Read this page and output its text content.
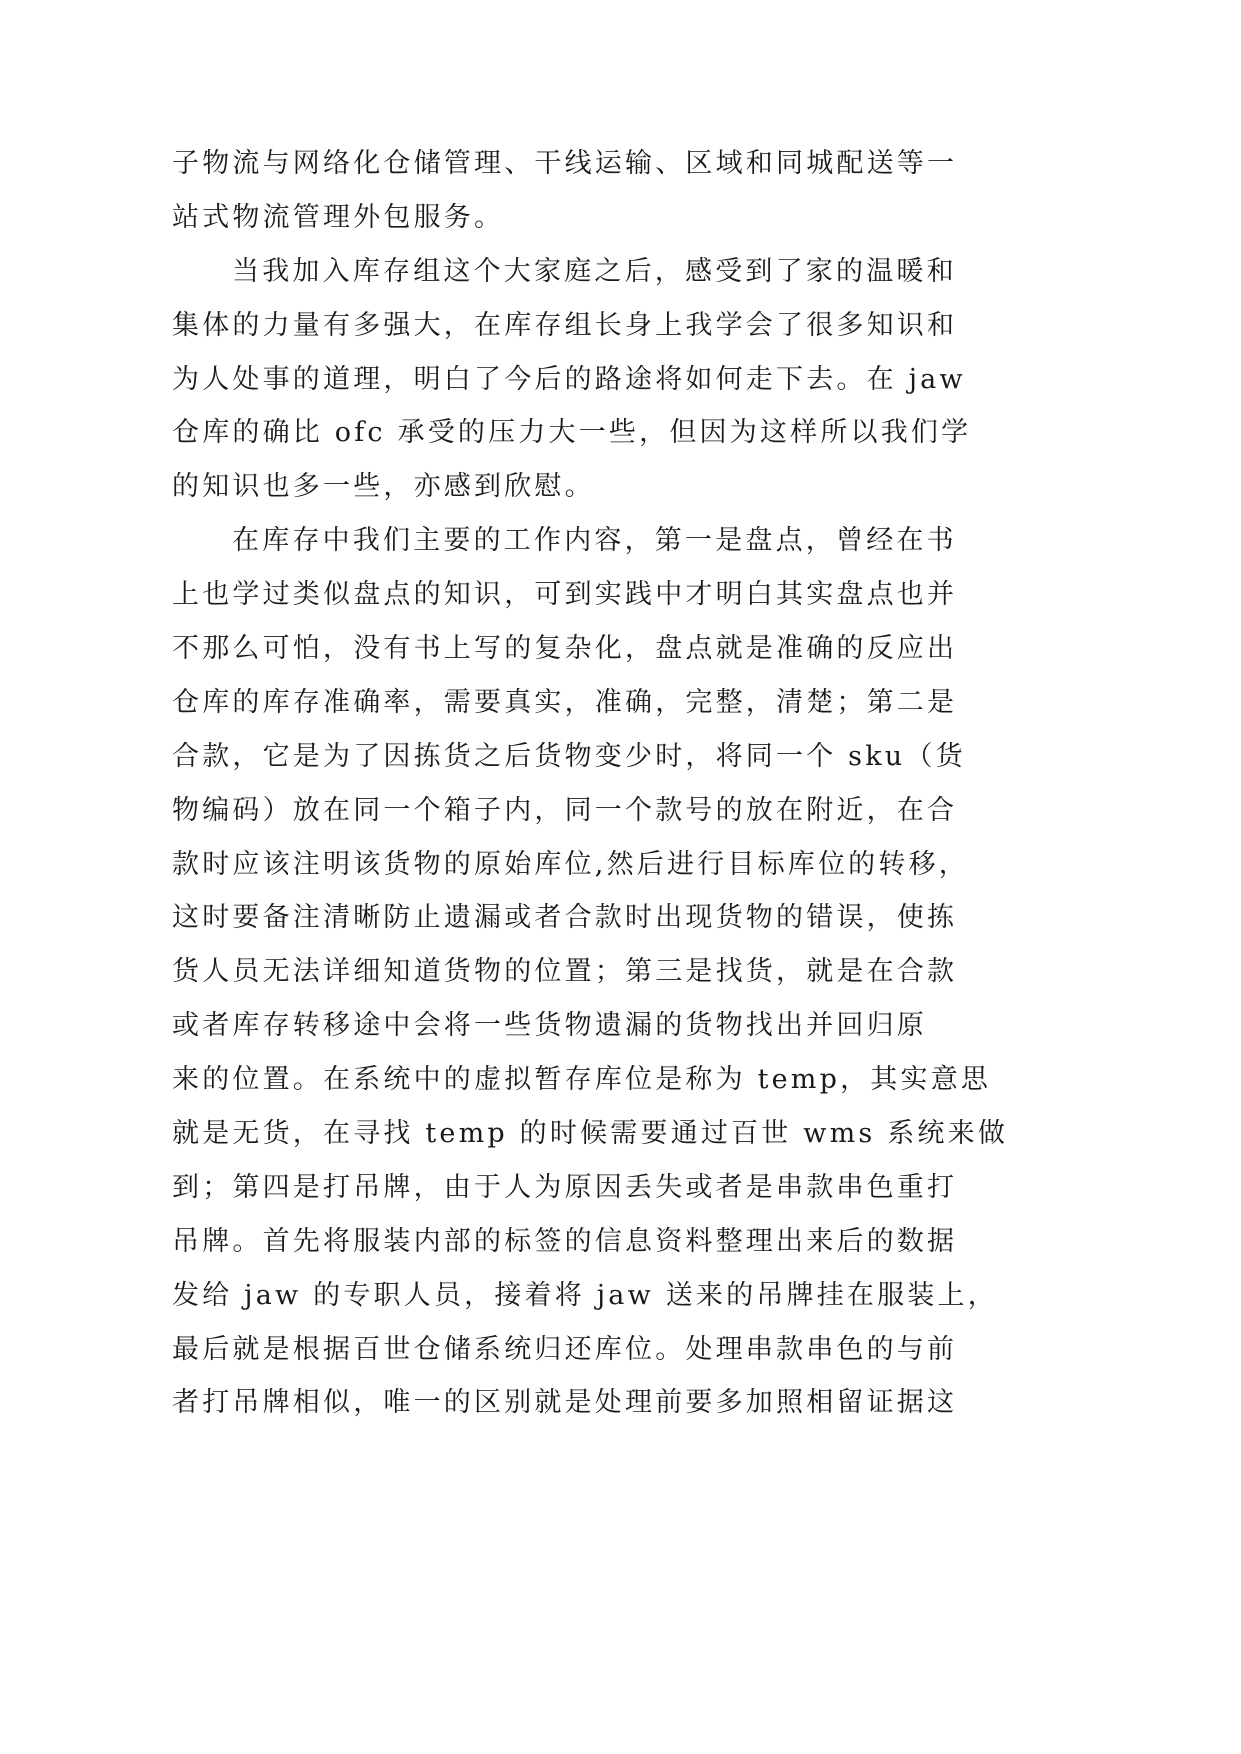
子物流与网络化仓储管理、干线运输、区域和同城配送等一
站式物流管理外包服务。
当我加入库存组这个大家庭之后，感受到了家的温暖和
集体的力量有多强大，在库存组长身上我学会了很多知识和
为人处事的道理，明白了今后的路途将如何走下去。在 jaw
仓库的确比 ofc 承受的压力大一些，但因为这样所以我们学
的知识也多一些，亦感到欣慰。
在库存中我们主要的工作内容，第一是盘点，曾经在书
上也学过类似盘点的知识，可到实践中才明白其实盘点也并
不那么可怕，没有书上写的复杂化，盘点就是准确的反应出
仓库的库存准确率，需要真实，准确，完整，清楚；第二是
合款，它是为了因拣货之后货物变少时，将同一个 sku（货
物编码）放在同一个箱子内，同一个款号的放在附近，在合
款时应该注明该货物的原始库位,然后进行目标库位的转移，
这时要备注清晰防止遗漏或者合款时出现货物的错误，使拣
货人员无法详细知道货物的位置；第三是找货，就是在合款
或者库存转移途中会将一些货物遗漏的货物找出并回归原
来的位置。在系统中的虚拟暂存库位是称为 temp，其实意思
就是无货，在寻找 temp 的时候需要通过百世 wms 系统来做
到；第四是打吊牌，由于人为原因丢失或者是串款串色重打
吊牌。首先将服装内部的标签的信息资料整理出来后的数据
发给 jaw 的专职人员，接着将 jaw 送来的吊牌挂在服装上，
最后就是根据百世仓储系统归还库位。处理串款串色的与前
者打吊牌相似，唯一的区别就是处理前要多加照相留证据这
